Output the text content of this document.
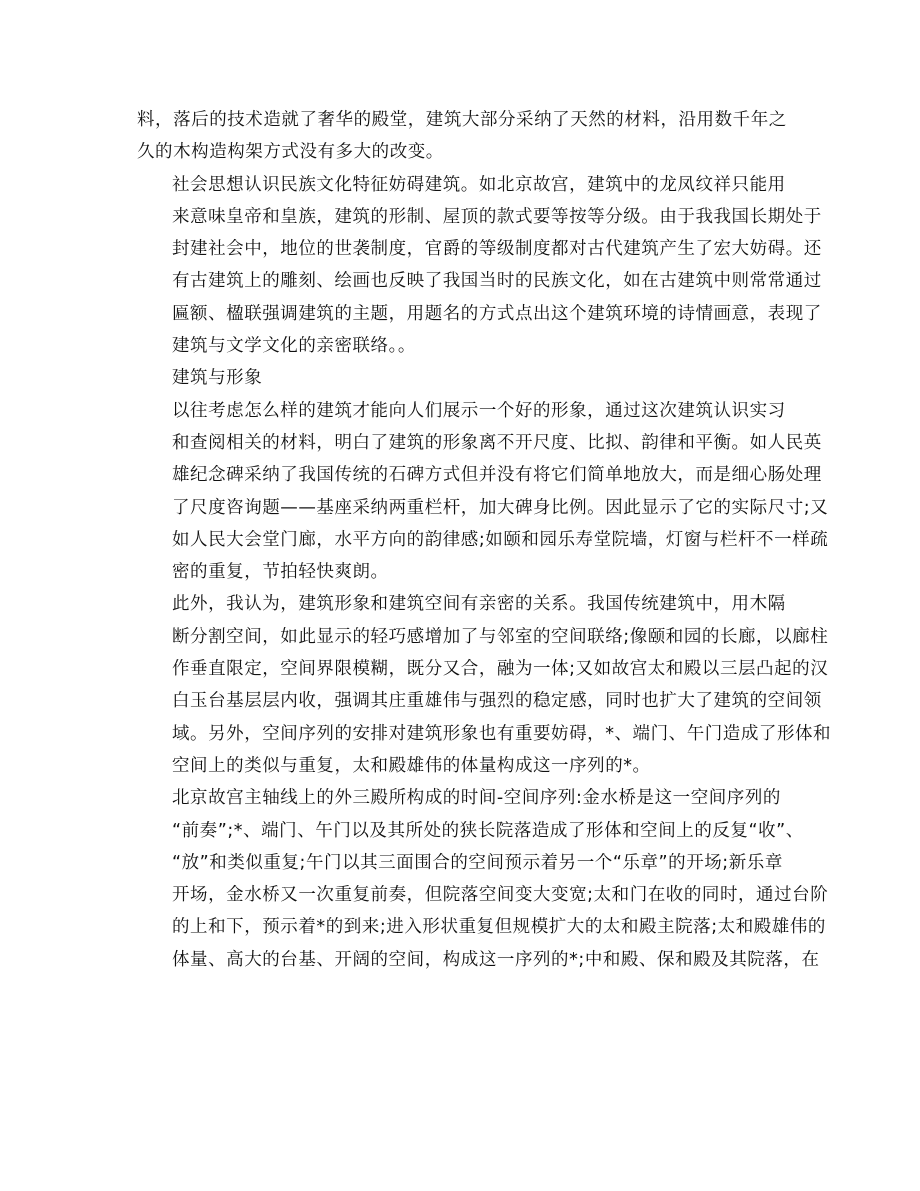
料，落后的技术造就了奢华的殿堂，建筑大部分采纳了天然的材料，沿用数千年之
久的木构造构架方式没有多大的改变。

社会思想认识民族文化特征妨碍建筑。如北京故宫，建筑中的龙凤纹祥只能用
来意味皇帝和皇族，建筑的形制、屋顶的款式要等按等分级。由于我我国长期处于
封建社会中，地位的世袭制度，官爵的等级制度都对古代建筑产生了宏大妨碍。还
有古建筑上的雕刻、绘画也反映了我国当时的民族文化，如在古建筑中则常常通过
匾额、楹联强调建筑的主题，用题名的方式点出这个建筑环境的诗情画意，表现了
建筑与文学文化的亲密联络。。

建筑与形象

以往考虑怎么样的建筑才能向人们展示一个好的形象，通过这次建筑认识实习
和查阅相关的材料，明白了建筑的形象离不开尺度、比拟、韵律和平衡。如人民英
雄纪念碑采纳了我国传统的石碑方式但并没有将它们简单地放大，而是细心肠处理
了尺度咨询题——基座采纳两重栏杆，加大碑身比例。因此显示了它的实际尺寸;又
如人民大会堂门廊，水平方向的韵律感;如颐和园乐寿堂院墙，灯窗与栏杆不一样疏
密的重复，节拍轻快爽朗。

此外，我认为，建筑形象和建筑空间有亲密的关系。我国传统建筑中，用木隔
断分割空间，如此显示的轻巧感增加了与邻室的空间联络;像颐和园的长廊，以廊柱
作垂直限定，空间界限模糊，既分又合，融为一体;又如故宫太和殿以三层凸起的汉
白玉台基层层内收，强调其庄重雄伟与强烈的稳定感，同时也扩大了建筑的空间领
域。另外，空间序列的安排对建筑形象也有重要妨碍，*、端门、午门造成了形体和
空间上的类似与重复，太和殿雄伟的体量构成这一序列的*。

北京故宫主轴线上的外三殿所构成的时间-空间序列:金水桥是这一空间序列的
“前奏”;*、端门、午门以及其所处的狭长院落造成了形体和空间上的反复“收”、
“放”和类似重复;午门以其三面围合的空间预示着另一个“乐章”的开场;新乐章
开场，金水桥又一次重复前奏，但院落空间变大变宽;太和门在收的同时，通过台阶
的上和下，预示着*的到来;进入形状重复但规模扩大的太和殿主院落;太和殿雄伟的
体量、高大的台基、开阔的空间，构成这一序列的*;中和殿、保和殿及其院落，在
